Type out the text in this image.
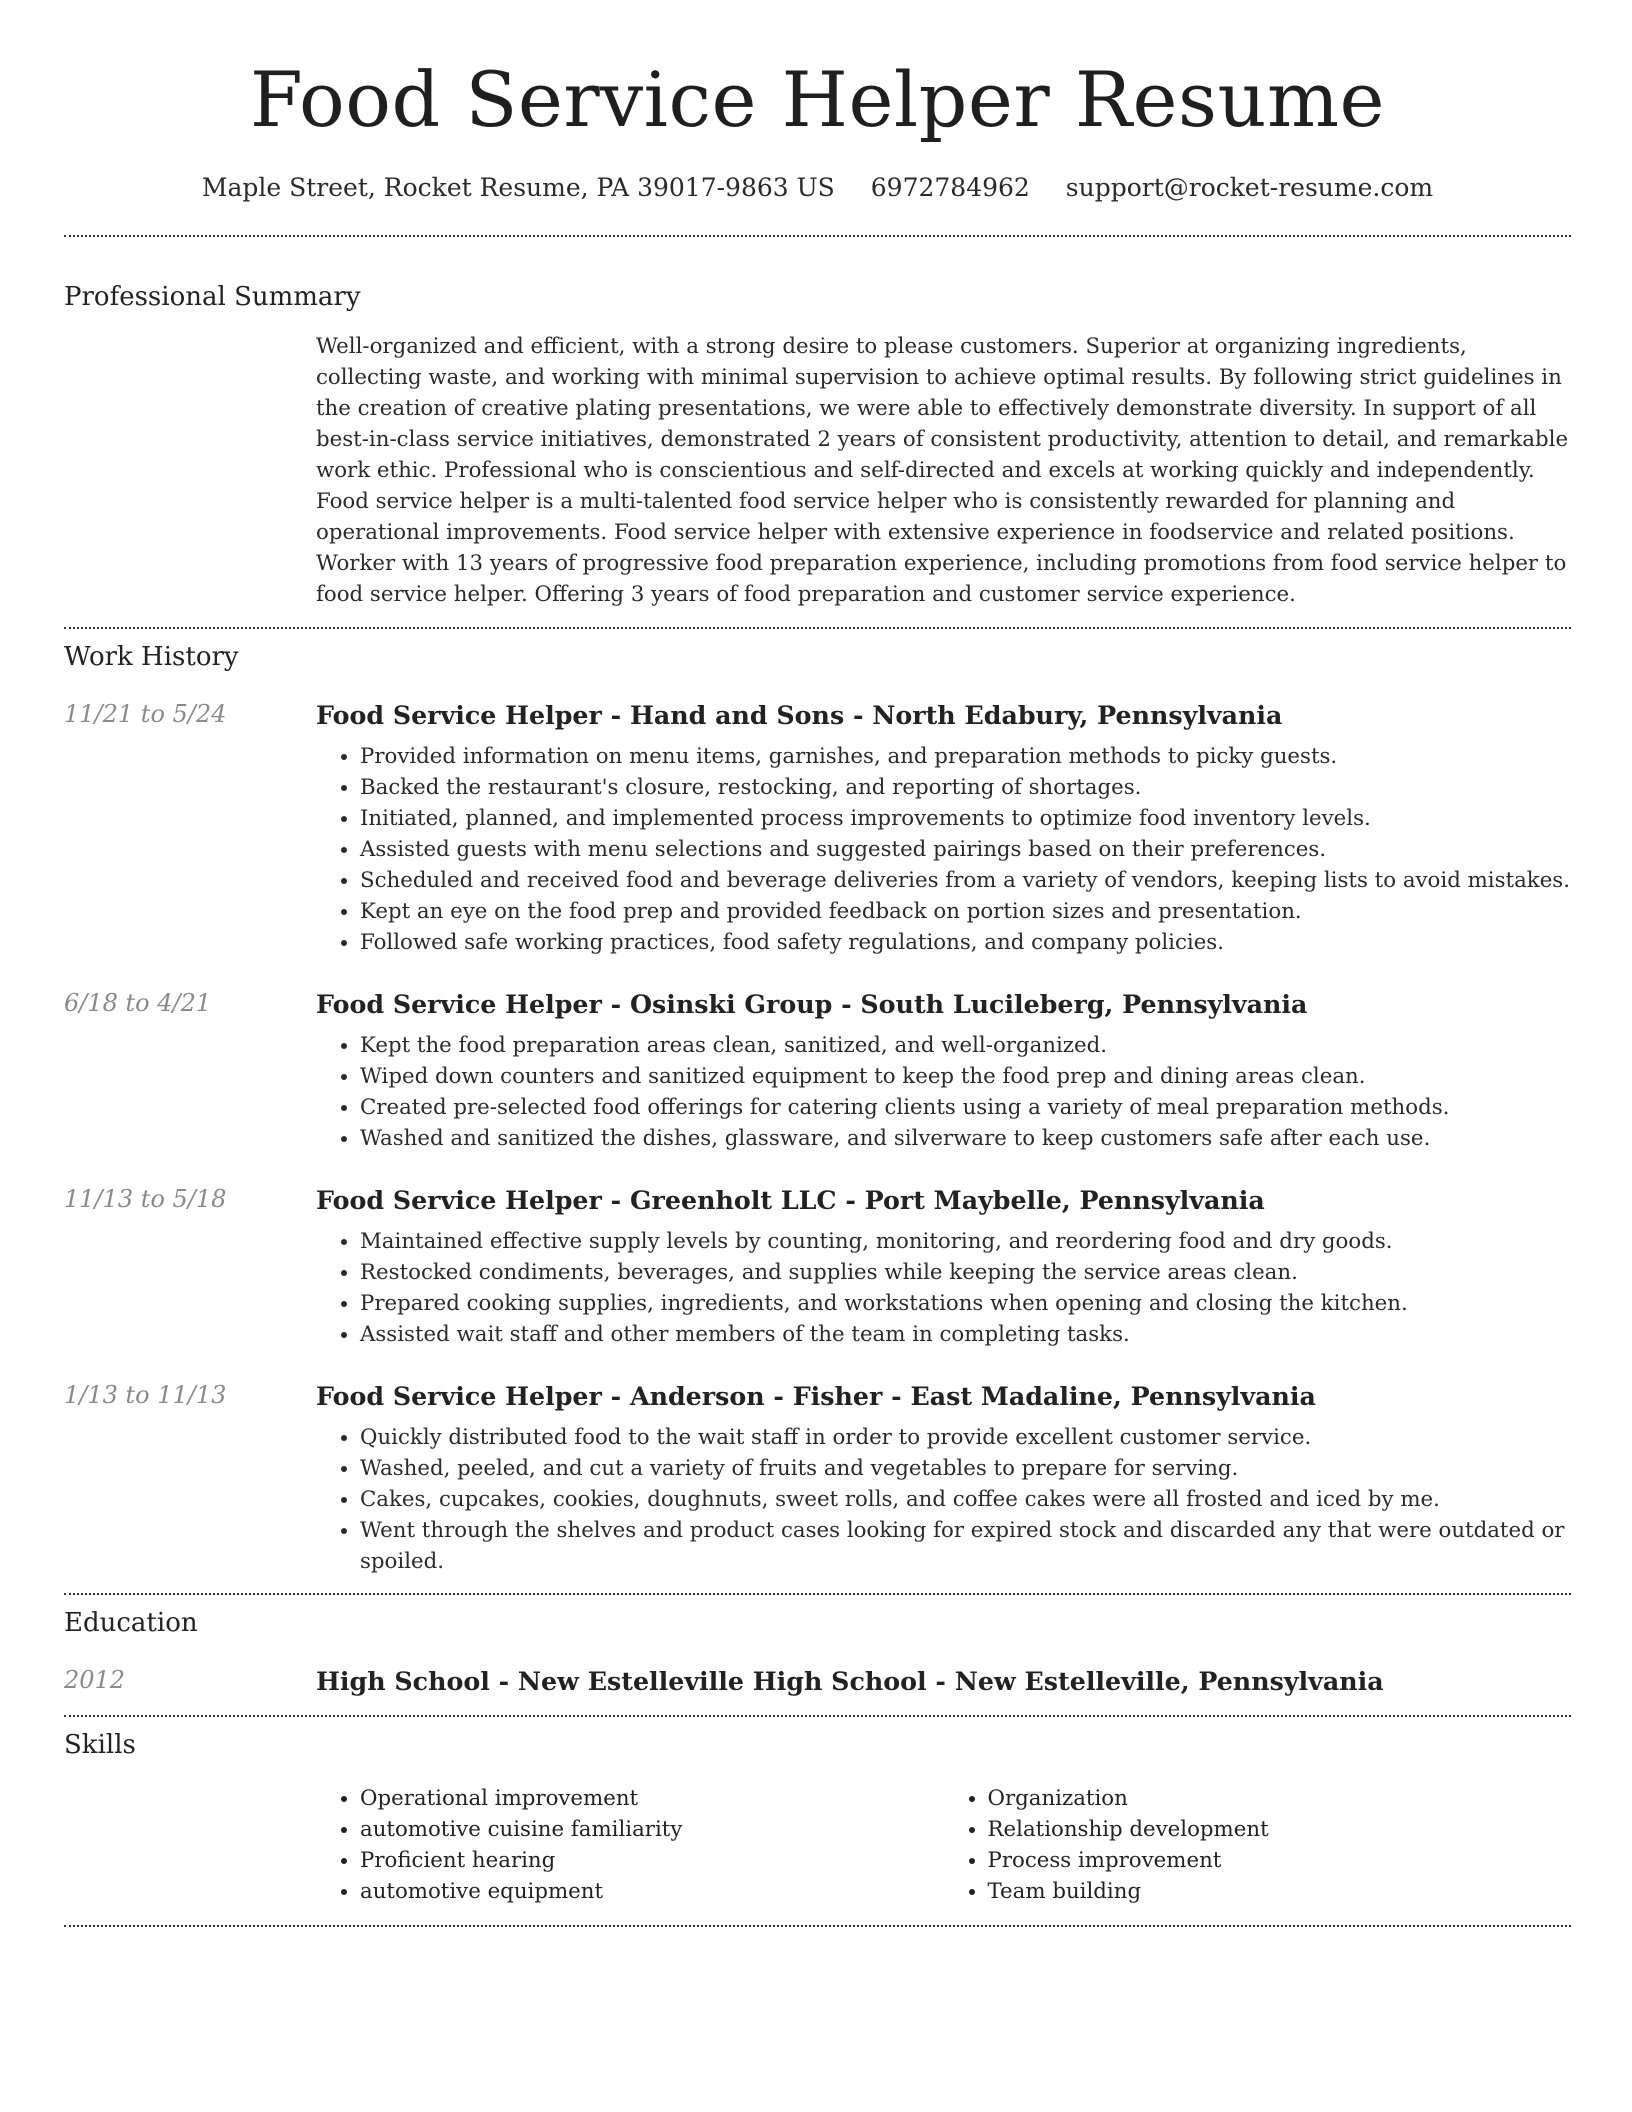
Food Service Helper Resume
Maple Street, Rocket Resume, PA 39017-9863 US 6972784962 support@rocket-resume.com
Professional Summary

Well-organized and efficient, with a strong desire to please customers. Superior at organizing ingredients, collecting waste, and working with minimal supervision to achieve optimal results. By following strict guidelines in the creation of creative plating presentations, we were able to effectively demonstrate diversity. In support of all best-in-class service initiatives, demonstrated 2 years of consistent productivity, attention to detail, and remarkable work ethic. Professional who is conscientious and self-directed and excels at working quickly and independently. Food service helper is a multi-talented food service helper who is consistently rewarded for planning and operational improvements. Food service helper with extensive experience in foodservice and related positions. Worker with 13 years of progressive food preparation experience, including promotions from food service helper to food service helper. Offering 3 years of food preparation and customer service experience.

Work History
11/21 to 5/24	Food Service Helper - Hand and Sons - North Edabury, Pennsylvania
• Provided information on menu items, garnishes, and preparation methods to picky guests.
• Backed the restaurant's closure, restocking, and reporting of shortages.
• Initiated, planned, and implemented process improvements to optimize food inventory levels.
• Assisted guests with menu selections and suggested pairings based on their preferences.
• Scheduled and received food and beverage deliveries from a variety of vendors, keeping lists to avoid mistakes.
• Kept an eye on the food prep and provided feedback on portion sizes and presentation.
• Followed safe working practices, food safety regulations, and company policies.
6/18 to 4/21	Food Service Helper - Osinski Group - South Lucileberg, Pennsylvania
• Kept the food preparation areas clean, sanitized, and well-organized.
• Wiped down counters and sanitized equipment to keep the food prep and dining areas clean.
• Created pre-selected food offerings for catering clients using a variety of meal preparation methods.
• Washed and sanitized the dishes, glassware, and silverware to keep customers safe after each use.
11/13 to 5/18	Food Service Helper - Greenholt LLC - Port Maybelle, Pennsylvania
• Maintained effective supply levels by counting, monitoring, and reordering food and dry goods.
• Restocked condiments, beverages, and supplies while keeping the service areas clean.
• Prepared cooking supplies, ingredients, and workstations when opening and closing the kitchen.
• Assisted wait staff and other members of the team in completing tasks.
1/13 to 11/13	Food Service Helper - Anderson - Fisher - East Madaline, Pennsylvania
• Quickly distributed food to the wait staff in order to provide excellent customer service.
• Washed, peeled, and cut a variety of fruits and vegetables to prepare for serving.
• Cakes, cupcakes, cookies, doughnuts, sweet rolls, and coffee cakes were all frosted and iced by me.
• Went through the shelves and product cases looking for expired stock and discarded any that were outdated or spoiled.
Education
2012	High School - New Estelleville High School - New Estelleville, Pennsylvania
Skills
• Operational improvement
• automotive cuisine familiarity
• Proficient hearing
• automotive equipment
• Organization
• Relationship development
• Process improvement
• Team building
